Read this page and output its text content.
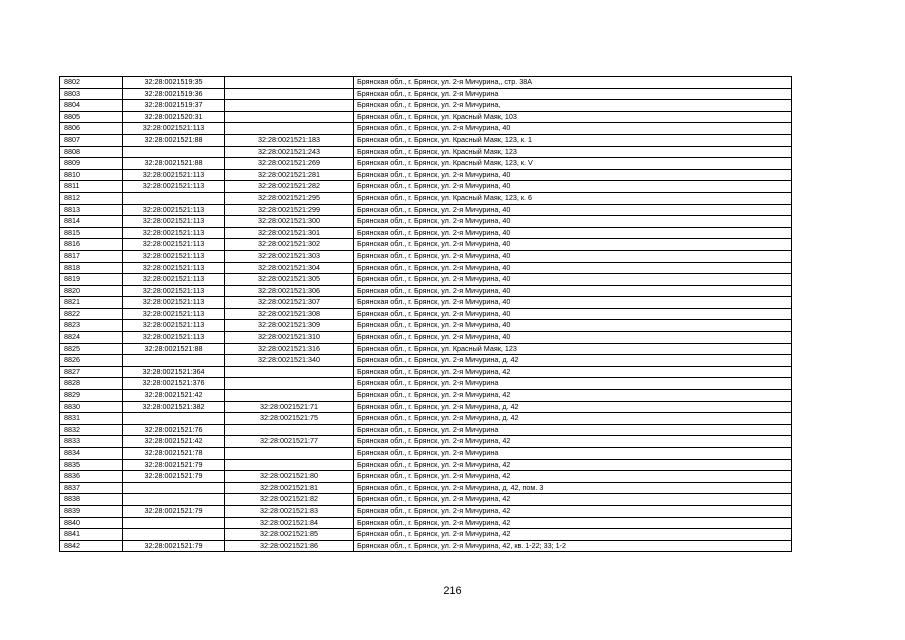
8802	32:28:0021519:35		Брянская обл., г. Брянск, ул. 2-я Мичурина,, стр. 38А
8803	32:28:0021519:36		Брянская обл., г. Брянск, ул. 2-я Мичурина
8804	32:28:0021519:37		Брянская обл., г. Брянск, ул. 2-я Мичурина,
8805	32:28:0021520:31		Брянская обл., г. Брянск, ул. Красный Маяк, 103
8806	32:28:0021521:113		Брянская обл., г. Брянск, ул. 2-я Мичурина, 40
8807	32:28:0021521:88	32:28:0021521:183	Брянская обл., г. Брянск, ул. Красный Маяк, 123, к. 1
8808		32:28:0021521:243	Брянская обл., г. Брянск, ул. Красный Маяк, 123
8809	32:28:0021521:88	32:28:0021521:269	Брянская обл., г. Брянск, ул. Красный Маяк, 123, к. V
8810	32:28:0021521:113	32:28:0021521:281	Брянская обл., г. Брянск, ул. 2-я Мичурина, 40
8811	32:28:0021521:113	32:28:0021521:282	Брянская обл., г. Брянск, ул. 2-я Мичурина, 40
8812		32:28:0021521:295	Брянская обл., г. Брянск, ул. Красный Маяк, 123, к. 6
8813	32:28:0021521:113	32:28:0021521:299	Брянская обл., г. Брянск, ул. 2-я Мичурина, 40
8814	32:28:0021521:113	32:28:0021521:300	Брянская обл., г. Брянск, ул. 2-я Мичурина, 40
8815	32:28:0021521:113	32:28:0021521:301	Брянская обл., г. Брянск, ул. 2-я Мичурина, 40
8816	32:28:0021521:113	32:28:0021521:302	Брянская обл., г. Брянск, ул. 2-я Мичурина, 40
8817	32:28:0021521:113	32:28:0021521:303	Брянская обл., г. Брянск, ул. 2-я Мичурина, 40
8818	32:28:0021521:113	32:28:0021521:304	Брянская обл., г. Брянск, ул. 2-я Мичурина, 40
8819	32:28:0021521:113	32:28:0021521:305	Брянская обл., г. Брянск, ул. 2-я Мичурина, 40
8820	32:28:0021521:113	32:28:0021521:306	Брянская обл., г. Брянск, ул. 2-я Мичурина, 40
8821	32:28:0021521:113	32:28:0021521:307	Брянская обл., г. Брянск, ул. 2-я Мичурина, 40
8822	32:28:0021521:113	32:28:0021521:308	Брянская обл., г. Брянск, ул. 2-я Мичурина, 40
8823	32:28:0021521:113	32:28:0021521:309	Брянская обл., г. Брянск, ул. 2-я Мичурина, 40
8824	32:28:0021521:113	32:28:0021521:310	Брянская обл., г. Брянск, ул. 2-я Мичурина, 40
8825	32:28:0021521:88	32:28:0021521:316	Брянская обл., г. Брянск, ул. Красный Маяк, 123
8826		32:28:0021521:340	Брянская обл., г. Брянск, ул. 2-я Мичурина, д. 42
8827	32:28:0021521:364		Брянская обл., г. Брянск, ул. 2-я Мичурина, 42
8828	32:28:0021521:376		Брянская обл., г. Брянск, ул. 2-я Мичурина
8829	32:28:0021521:42		Брянская обл., г. Брянск, ул. 2-я Мичурина, 42
8830	32:28:0021521:382	32:28:0021521:71	Брянская обл., г. Брянск, ул. 2-я Мичурина, д. 42
8831		32:28:0021521:75	Брянская обл., г. Брянск, ул. 2-я Мичурина, д. 42
8832	32:28:0021521:76		Брянская обл., г. Брянск, ул. 2-я Мичурина
8833	32:28:0021521:42	32:28:0021521:77	Брянская обл., г. Брянск, ул. 2-я Мичурина, 42
8834	32:28:0021521:78		Брянская обл., г. Брянск, ул. 2-я Мичурина
8835	32:28:0021521:79		Брянская обл., г. Брянск, ул. 2-я Мичурина, 42
8836	32:28:0021521:79	32:28:0021521:80	Брянская обл., г. Брянск, ул. 2-я Мичурина, 42
8837		32:28:0021521:81	Брянская обл., г. Брянск, ул. 2-я Мичурина, д. 42, пом. 3
8838		32:28:0021521:82	Брянская обл., г. Брянск, ул. 2-я Мичурина, 42
8839	32:28:0021521:79	32:28:0021521:83	Брянская обл., г. Брянск, ул. 2-я Мичурина, 42
8840		32:28:0021521:84	Брянская обл., г. Брянск, ул. 2-я Мичурина, 42
8841		32:28:0021521:85	Брянская обл., г. Брянск, ул. 2-я Мичурина, 42
8842	32:28:0021521:79	32:28:0021521:86	Брянская обл., г. Брянск, ул. 2-я Мичурина, 42, кв. 1-22; 33; 1-2
216
